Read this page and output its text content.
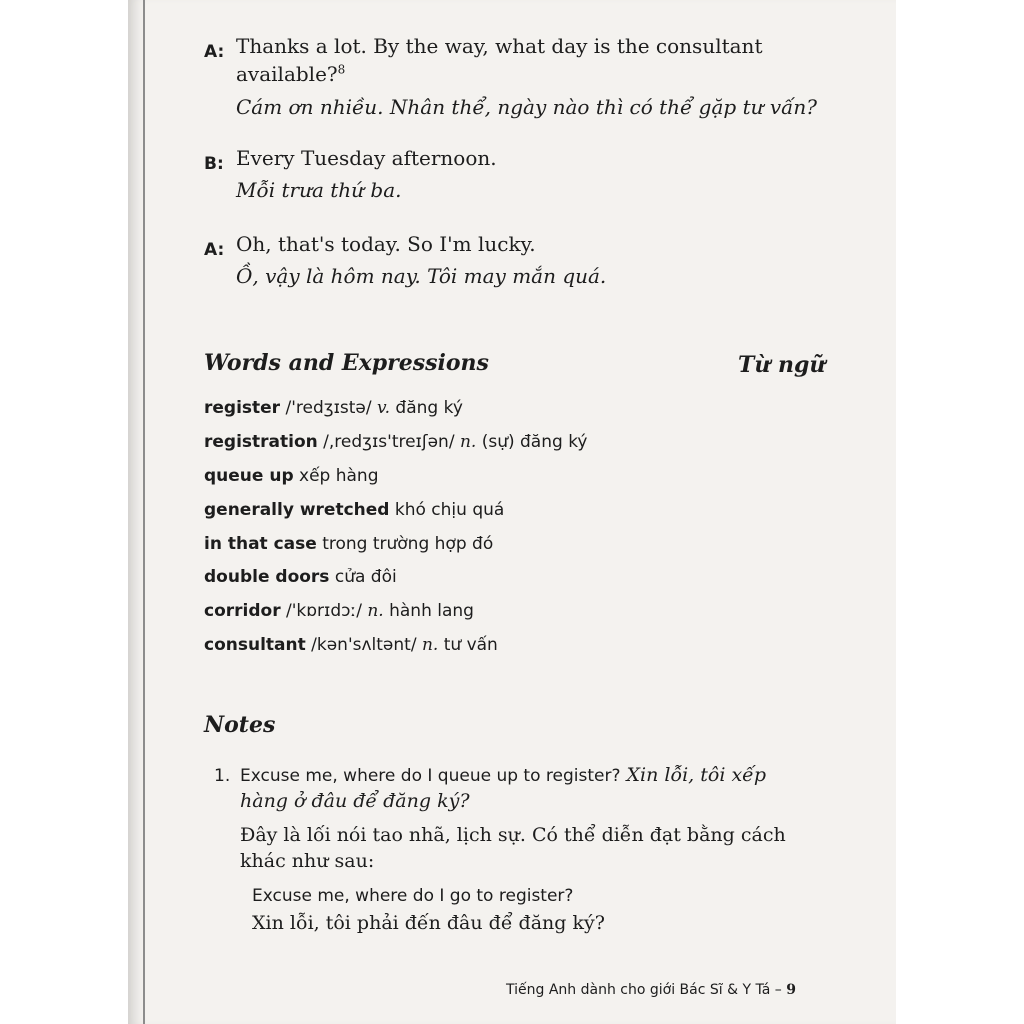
A: Thanks a lot. By the way, what day is the consultant
available?$^8$
Cám ơn nhiều. Nhân thể, ngày nào thì có thể gặp tư vấn?
B: Every Tuesday afternoon.
Mỗi trưa thứ ba.
A: Oh, that's today. So I'm lucky.
Ồ, vậy là hôm nay. Tôi may mắn quá.
Words and Expressions	Từ ngữ
register /'redʒɪstə/ v. đăng ký
registration /,redʒɪs'treɪʃən/ n. (sự) đăng ký
queue up xếp hàng
generally wretched khó chịu quá
in that case trong trường hợp đó
double doors cửa đôi
corridor /'kɒrɪdɔː/ n. hành lang
consultant /kən'sʌltənt/ n. tư vấn
Notes
1. Excuse me, where do I queue up to register? Xin lỗi, tôi xếp
hàng ở đâu để đăng ký?
Đây là lối nói tao nhã, lịch sự. Có thể diễn đạt bằng cách
khác như sau:
Excuse me, where do I go to register?
Xin lỗi, tôi phải đến đâu để đăng ký?
Tiếng Anh dành cho giới Bác Sĩ & Y Tá – 9
